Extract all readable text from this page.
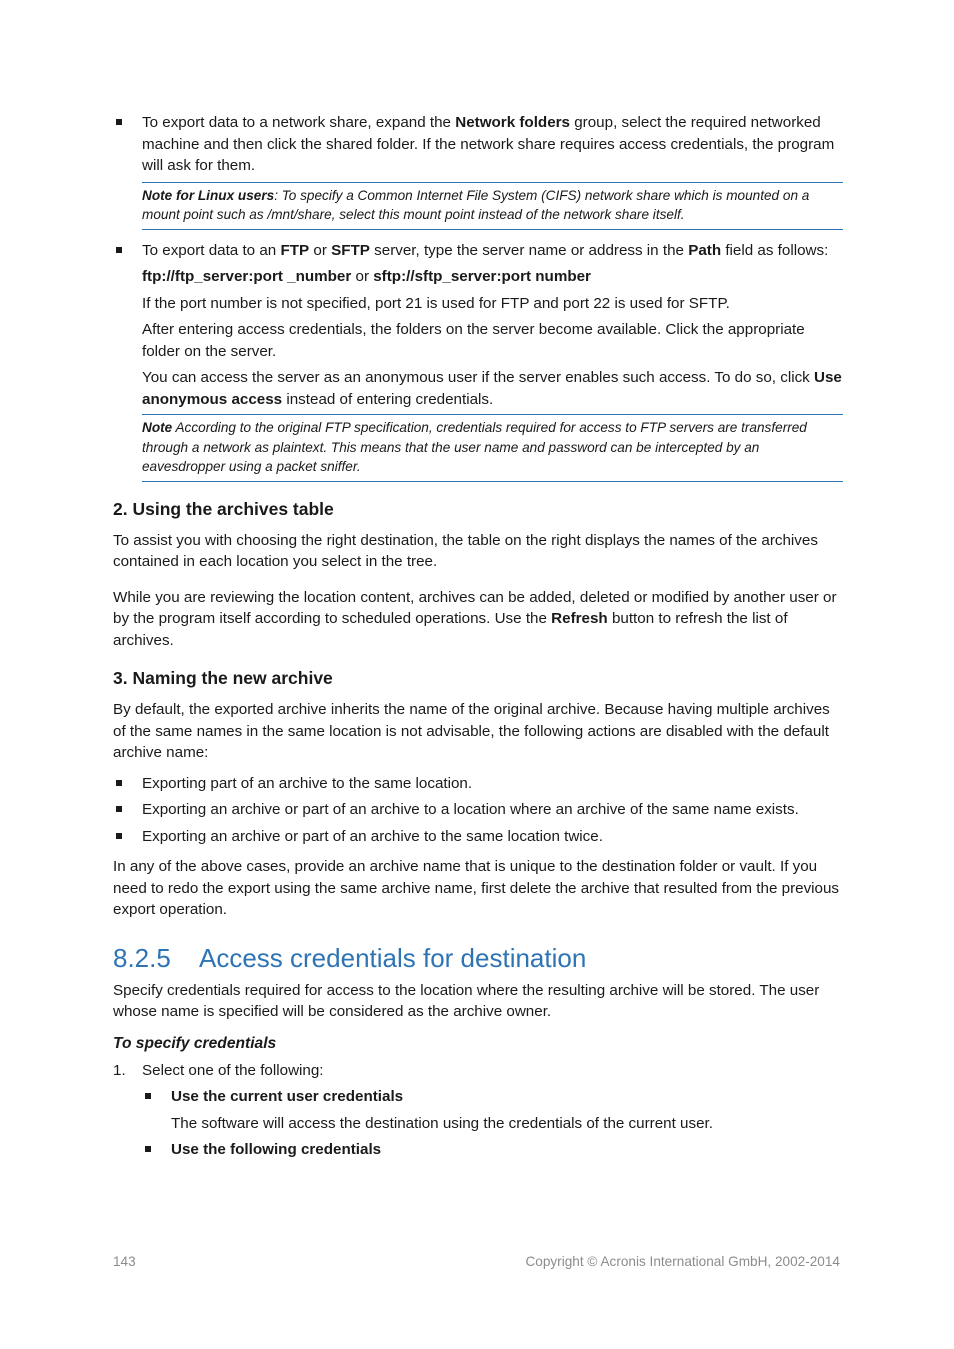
To export data to a network share, expand the Network folders group, select the required networked machine and then click the shared folder. If the network share requires access credentials, the program will ask for them.

Note for Linux users: To specify a Common Internet File System (CIFS) network share which is mounted on a mount point such as /mnt/share, select this mount point instead of the network share itself.

To export data to an FTP or SFTP server, type the server name or address in the Path field as follows:

ftp://ftp_server:port _number or sftp://sftp_server:port number

If the port number is not specified, port 21 is used for FTP and port 22 is used for SFTP.

After entering access credentials, the folders on the server become available. Click the appropriate folder on the server.

You can access the server as an anonymous user if the server enables such access. To do so, click Use anonymous access instead of entering credentials.

Note According to the original FTP specification, credentials required for access to FTP servers are transferred through a network as plaintext. This means that the user name and password can be intercepted by an eavesdropper using a packet sniffer.
2. Using the archives table

To assist you with choosing the right destination, the table on the right displays the names of the archives contained in each location you select in the tree.

While you are reviewing the location content, archives can be added, deleted or modified by another user or by the program itself according to scheduled operations. Use the Refresh button to refresh the list of archives.

3. Naming the new archive

By default, the exported archive inherits the name of the original archive. Because having multiple archives of the same names in the same location is not advisable, the following actions are disabled with the default archive name:

Exporting part of an archive to the same location.

Exporting an archive or part of an archive to a location where an archive of the same name exists.

Exporting an archive or part of an archive to the same location twice.

In any of the above cases, provide an archive name that is unique to the destination folder or vault. If you need to redo the export using the same archive name, first delete the archive that resulted from the previous export operation.

8.2.5 Access credentials for destination

Specify credentials required for access to the location where the resulting archive will be stored. The user whose name is specified will be considered as the archive owner.

To specify credentials
1. Select one of the following:

Use the current user credentials

The software will access the destination using the credentials of the current user.

Use the following credentials

143	Copyright © Acronis International GmbH, 2002-2014
